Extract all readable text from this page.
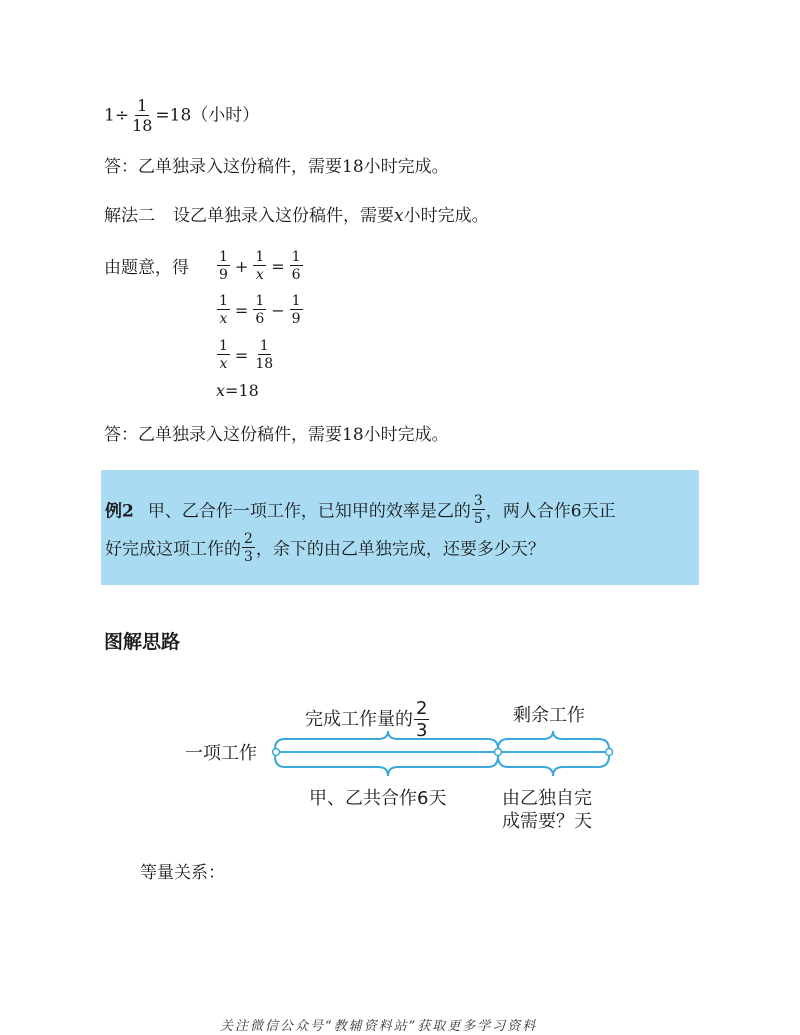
$1\div \frac{1}{18} =18$（小时）
答：乙单独录入这份稿件，需要18小时完成。
解法二 设乙单独录入这份稿件，需要x小时完成。
由题意，得 $\frac{1}{9} + \frac{1}{x} = \frac{1}{6}$
$\frac{1}{x} = \frac{1}{6} - \frac{1}{9}$
$\frac{1}{x} = \frac{1}{18}$
x=18
答：乙单独录入这份稿件，需要18小时完成。
例2 甲、乙合作一项工作，已知甲的效率是乙的 $\frac{3}{5}$ ，两人合作6天正
好完成这项工作的 $\frac{2}{3}$ ，余下的由乙单独完成，还要多少天？
图解思路
完成工作量的 $\frac{2}{3}$	剩余工作
一项工作
甲、乙共合作6天	由乙独自完
成需要？天
等量关系：
关注微信公众号“教辅资料站”获取更多学习资料
